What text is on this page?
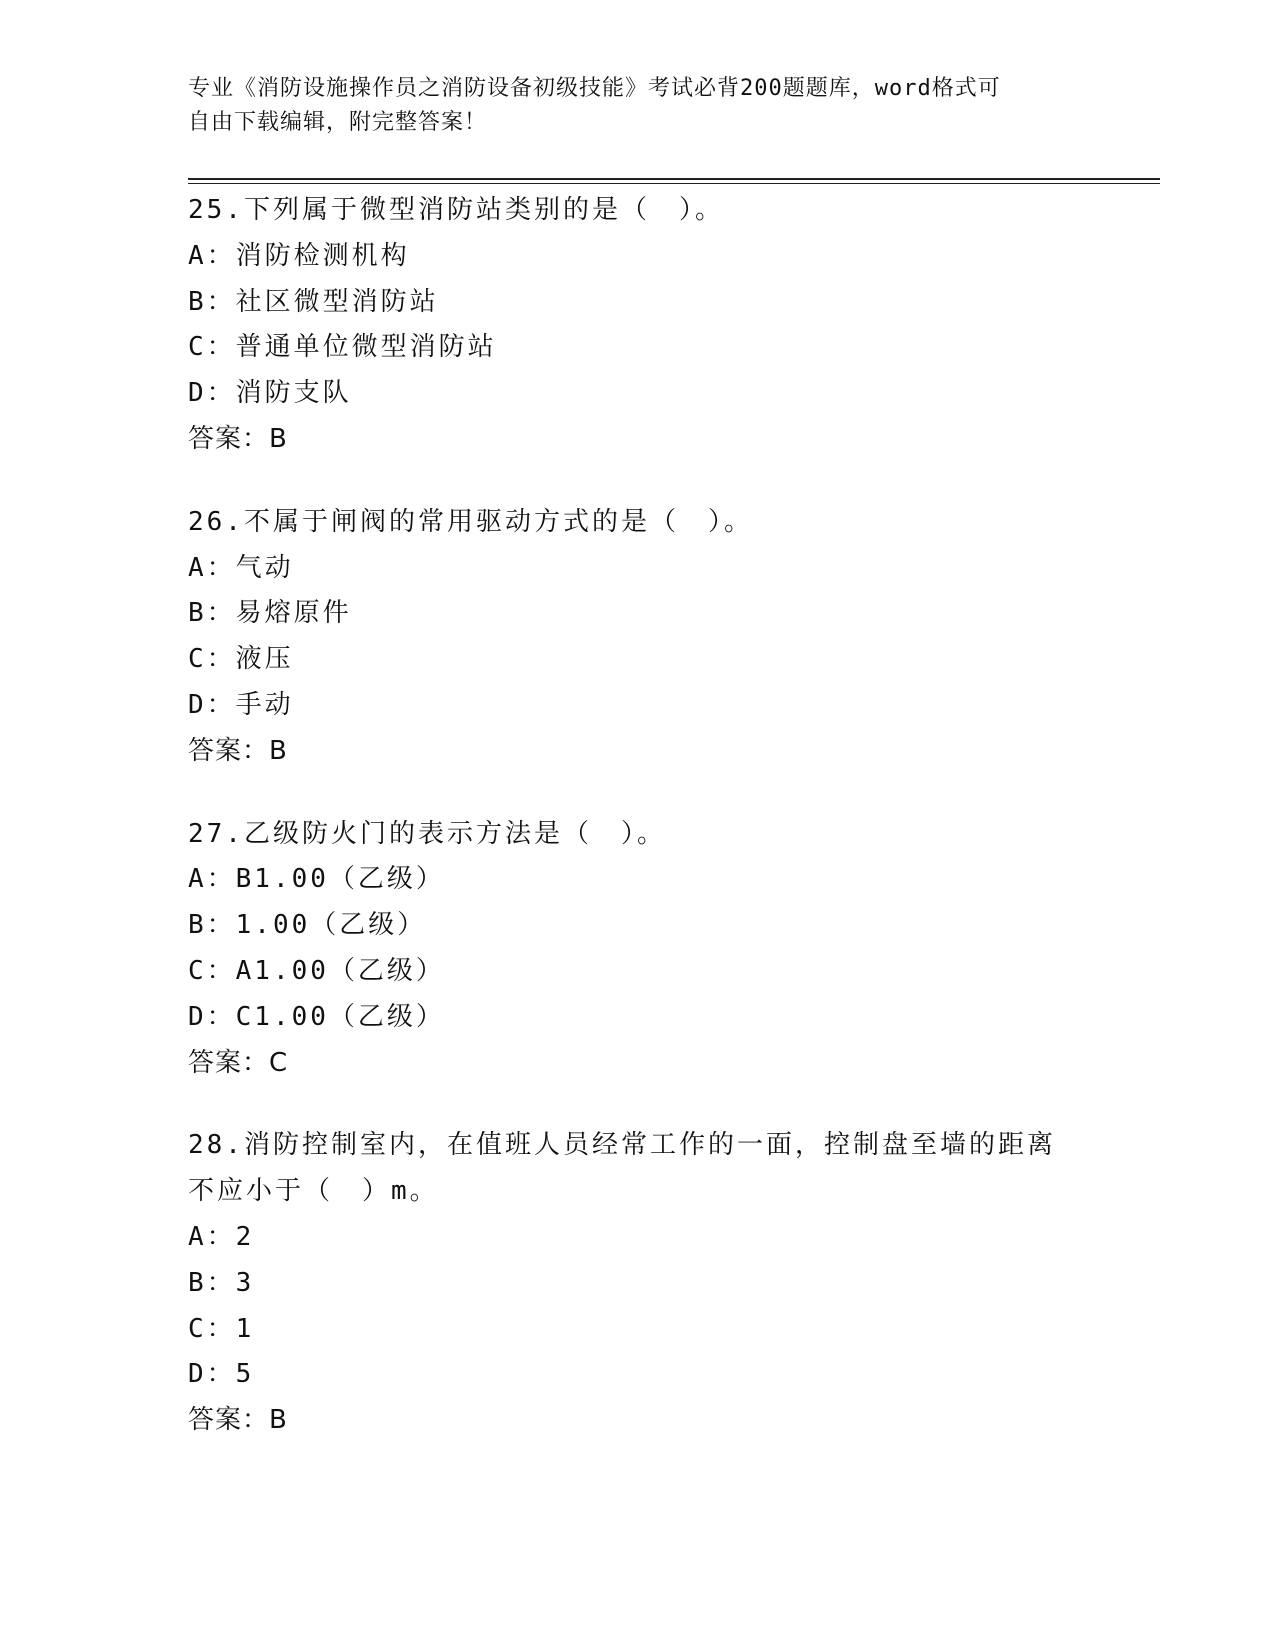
专业《消防设施操作员之消防设备初级技能》考试必背200题题库，word格式可
自由下载编辑，附完整答案！
25.下列属于微型消防站类别的是（　）。
A：消防检测机构
B：社区微型消防站
C：普通单位微型消防站
D：消防支队
答案：B
26.不属于闸阀的常用驱动方式的是（　）。
A：气动
B：易熔原件
C：液压
D：手动
答案：B
27.乙级防火门的表示方法是（　）。
A：B1.00（乙级）
B：1.00（乙级）
C：A1.00（乙级）
D：C1.00（乙级）
答案：C
28.消防控制室内，在值班人员经常工作的一面，控制盘至墙的距离不应小于（　）m。
A：2
B：3
C：1
D：5
答案：B
